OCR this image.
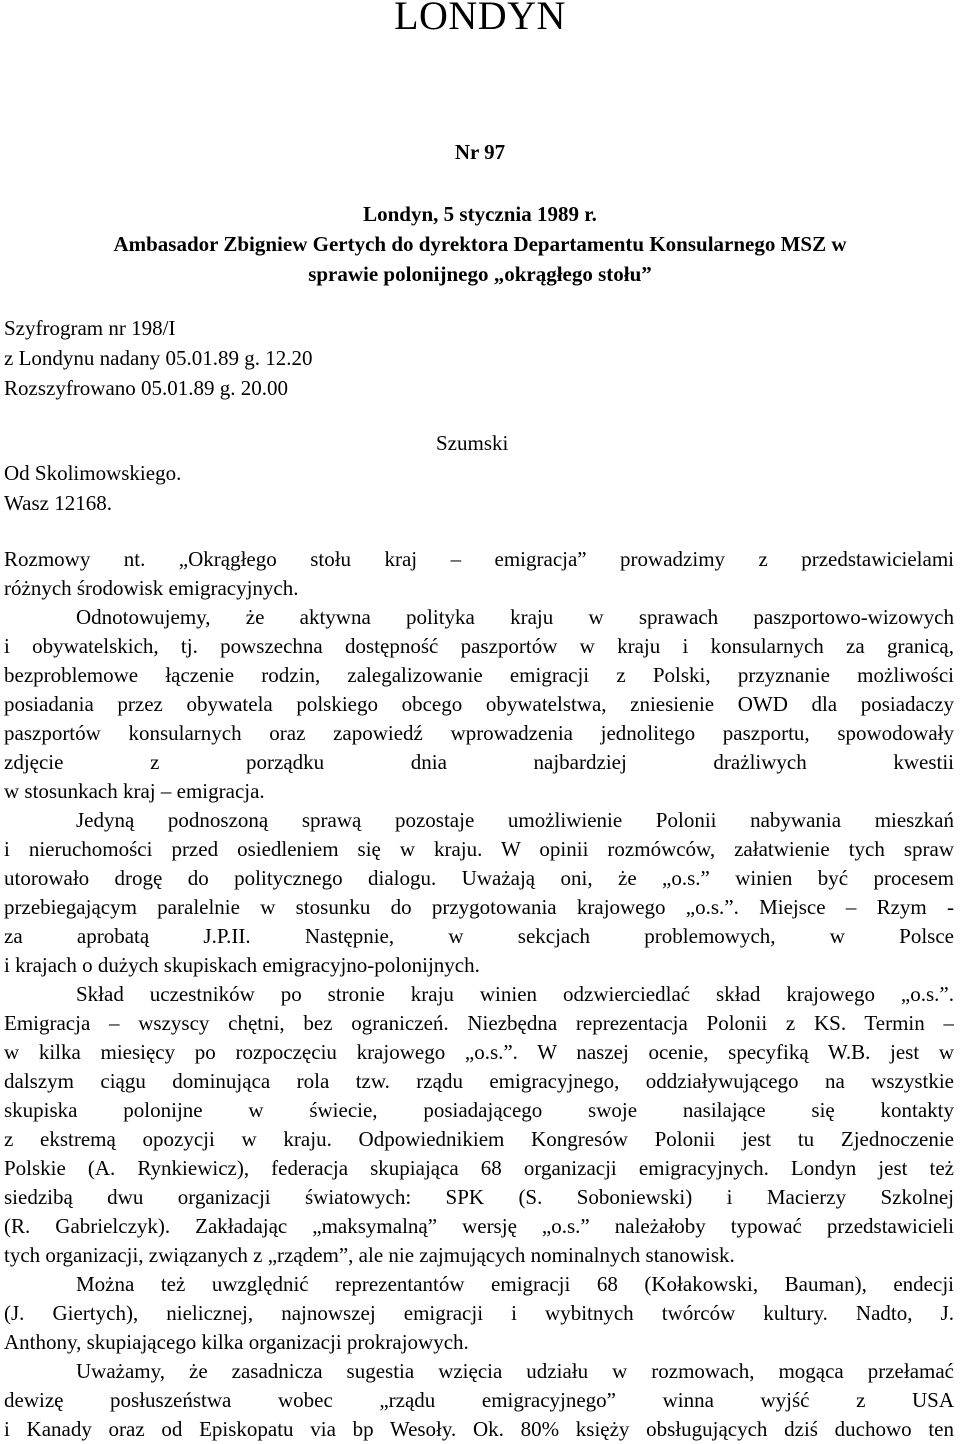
LONDYN
Nr 97
Londyn, 5 stycznia 1989 r.
Ambasador Zbigniew Gertych do dyrektora Departamentu Konsularnego MSZ w
sprawie polonijnego „okrągłego stołu”
Szyfrogram nr 198/I
z Londynu nadany 05.01.89 g. 12.20
Rozszyfrowano 05.01.89 g. 20.00
Szumski
Od Skolimowskiego.
Wasz 12168.
Rozmowy nt. „Okrągłego stołu kraj – emigracja” prowadzimy z przedstawicielami
różnych środowisk emigracyjnych.
Odnotowujemy, że aktywna polityka kraju w sprawach paszportowo-wizowych
i obywatelskich, tj. powszechna dostępność paszportów w kraju i konsularnych za granicą,
bezproblemowe łączenie rodzin, zalegalizowanie emigracji z Polski, przyznanie możliwości
posiadania przez obywatela polskiego obcego obywatelstwa, zniesienie OWD dla posiadaczy
paszportów konsularnych oraz zapowiedź wprowadzenia jednolitego paszportu, spowodowały
zdjęcie z porządku dnia najbardziej drażliwych kwestii
w stosunkach kraj – emigracja.
Jedyną podnoszoną sprawą pozostaje umożliwienie Polonii nabywania mieszkań
i nieruchomości przed osiedleniem się w kraju. W opinii rozmówców, załatwienie tych spraw
utorowało drogę do politycznego dialogu. Uważają oni, że „o.s.” winien być procesem
przebiegającym paralelnie w stosunku do przygotowania krajowego „o.s.”. Miejsce – Rzym -
za aprobatą J.P.II. Następnie, w sekcjach problemowych, w Polsce
i krajach o dużych skupiskach emigracyjno-polonijnych.
Skład uczestników po stronie kraju winien odzwierciedlać skład krajowego „o.s.”.
Emigracja – wszyscy chętni, bez ograniczeń. Niezbędna reprezentacja Polonii z KS. Termin –
w kilka miesięcy po rozpoczęciu krajowego „o.s.”. W naszej ocenie, specyfiką W.B. jest w
dalszym ciągu dominująca rola tzw. rządu emigracyjnego, oddziaływującego na wszystkie
skupiska polonijne w świecie, posiadającego swoje nasilające się kontakty
z ekstremą opozycji w kraju. Odpowiednikiem Kongresów Polonii jest tu Zjednoczenie
Polskie (A. Rynkiewicz), federacja skupiająca 68 organizacji emigracyjnych. Londyn jest też
siedzibą dwu organizacji światowych: SPK (S. Soboniewski) i Macierzy Szkolnej
(R. Gabrielczyk). Zakładając „maksymalną” wersję „o.s.” należałoby typować przedstawicieli
tych organizacji, związanych z „rządem”, ale nie zajmujących nominalnych stanowisk.
Można też uwzględnić reprezentantów emigracji 68 (Kołakowski, Bauman), endecji
(J. Giertych), nielicznej, najnowszej emigracji i wybitnych twórców kultury. Nadto, J.
Anthony, skupiającego kilka organizacji prokrajowych.
Uważamy, że zasadnicza sugestia wzięcia udziału w rozmowach, mogąca przełamać
dewizę posłuszeństwa wobec „rządu emigracyjnego” winna wyjść z USA
i Kanady oraz od Episkopatu via bp Wesoły. Ok. 80% księży obsługujących dziś duchowo ten
